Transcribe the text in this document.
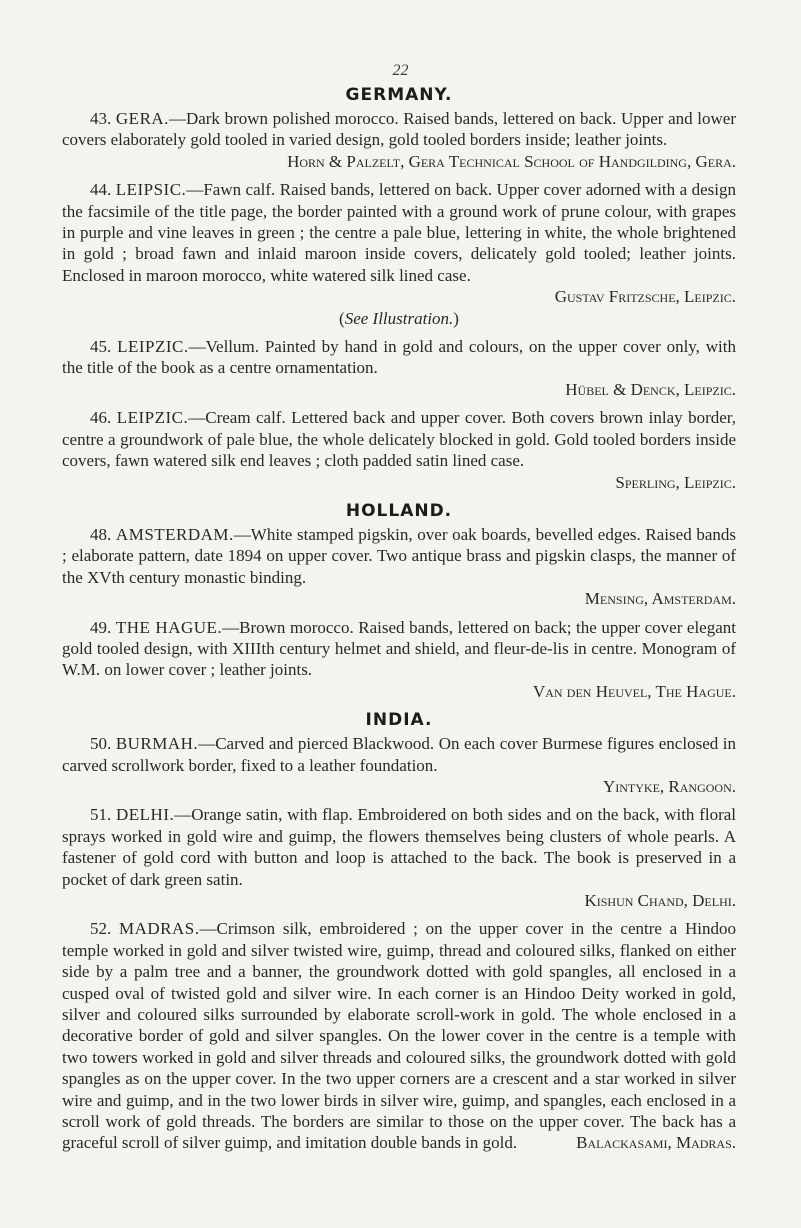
22
GERMANY.

43. GERA.—Dark brown polished morocco. Raised bands, lettered on back. Upper and lower covers elaborately gold tooled in varied design, gold tooled borders inside; leather joints.

Horn & Palzelt, Gera Technical School of Handgilding, Gera.

44. LEIPSIC.—Fawn calf. Raised bands, lettered on back. Upper cover adorned with a design the facsimile of the title page, the border painted with a ground work of prune colour, with grapes in purple and vine leaves in green ; the centre a pale blue, lettering in white, the whole brightened in gold ; broad fawn and inlaid maroon inside covers, delicately gold tooled; leather joints. Enclosed in maroon morocco, white watered silk lined case.

Gustav Fritzsche, Leipzic.

(See Illustration.)

45. LEIPZIC.—Vellum. Painted by hand in gold and colours, on the upper cover only, with the title of the book as a centre ornamentation.

Hübel & Denck, Leipzic.

46. LEIPZIC.—Cream calf. Lettered back and upper cover. Both covers brown inlay border, centre a groundwork of pale blue, the whole delicately blocked in gold. Gold tooled borders inside covers, fawn watered silk end leaves ; cloth padded satin lined case.

Sperling, Leipzic.

HOLLAND.

48. AMSTERDAM.—White stamped pigskin, over oak boards, bevelled edges. Raised bands ; elaborate pattern, date 1894 on upper cover. Two antique brass and pigskin clasps, the manner of the XVth century monastic binding.

Mensing, Amsterdam.

49. THE HAGUE.—Brown morocco. Raised bands, lettered on back; the upper cover elegant gold tooled design, with XIIIth century helmet and shield, and fleur-de-lis in centre. Monogram of W.M. on lower cover ; leather joints.

Van den Heuvel, The Hague.

INDIA.

50. BURMAH.—Carved and pierced Blackwood. On each cover Burmese figures enclosed in carved scrollwork border, fixed to a leather foundation.

Yintyke, Rangoon.

51. DELHI.—Orange satin, with flap. Embroidered on both sides and on the back, with floral sprays worked in gold wire and guimp, the flowers themselves being clusters of whole pearls. A fastener of gold cord with button and loop is attached to the back. The book is preserved in a pocket of dark green satin.

Kishun Chand, Delhi.

52. MADRAS.—Crimson silk, embroidered ; on the upper cover in the centre a Hindoo temple worked in gold and silver twisted wire, guimp, thread and coloured silks, flanked on either side by a palm tree and a banner, the groundwork dotted with gold spangles, all enclosed in a cusped oval of twisted gold and silver wire. In each corner is an Hindoo Deity worked in gold, silver and coloured silks surrounded by elaborate scroll-work in gold. The whole enclosed in a decorative border of gold and silver spangles. On the lower cover in the centre is a temple with two towers worked in gold and silver threads and coloured silks, the groundwork dotted with gold spangles as on the upper cover. In the two upper corners are a crescent and a star worked in silver wire and guimp, and in the two lower birds in silver wire, guimp, and spangles, each enclosed in a scroll work of gold threads. The borders are similar to those on the upper cover. The back has a graceful scroll of silver guimp, and imitation double bands in gold.	Balackasami, Madras.
